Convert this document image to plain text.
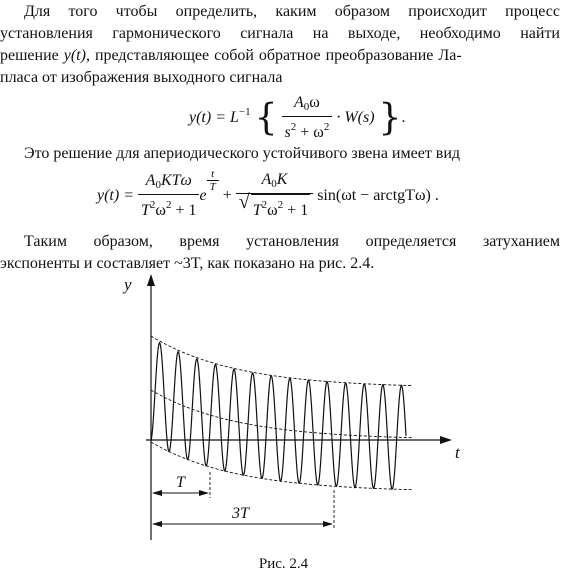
Для того чтобы определить, каким образом происходит процесс
установления гармонического сигнала на выходе, необходимо найти
решение y(t), представляющее собой обратное преобразование Ла-
пласа от изображения выходного сигнала
$y(t) = L^{-1}$ { $\frac{A_0\omega}{s^2 + \omega^2} \cdot W(s)$ }.
Это решение для апериодического устойчивого звена имеет вид
$y(t) = \frac{A_0KT\omega}{T^2\omega^2 + 1}$ e
$\frac{t}{T}$
+ $\frac{A_0K}{√ T^2\omega^2 + 1} \sin(\omega t$ − arctgTω) .
Таким образом, время установления определяется затуханием
экспоненты и составляет ~3T, как показано на рис. 2.4.
y
t
T
3T
Рис. 2.4
